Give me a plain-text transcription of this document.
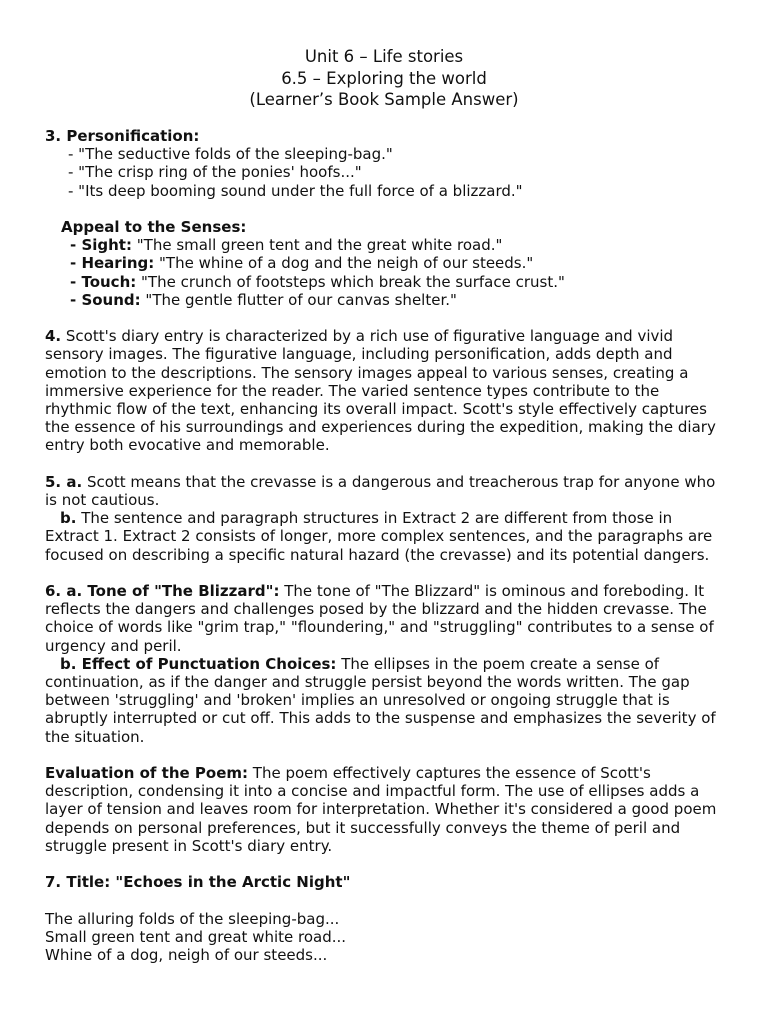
Unit 6 – Life stories
6.5 – Exploring the world
(Learner’s Book Sample Answer)
3. Personification:
- "The seductive folds of the sleeping-bag."
- "The crisp ring of the ponies' hoofs..."
- "Its deep booming sound under the full force of a blizzard."
Appeal to the Senses:
- Sight: "The small green tent and the great white road."
- Hearing: "The whine of a dog and the neigh of our steeds."
- Touch: "The crunch of footsteps which break the surface crust."
- Sound: "The gentle flutter of our canvas shelter."
4. Scott's diary entry is characterized by a rich use of figurative language and vivid
sensory images. The figurative language, including personification, adds depth and
emotion to the descriptions. The sensory images appeal to various senses, creating a
immersive experience for the reader. The varied sentence types contribute to the
rhythmic flow of the text, enhancing its overall impact. Scott's style effectively captures
the essence of his surroundings and experiences during the expedition, making the diary
entry both evocative and memorable.
5. a. Scott means that the crevasse is a dangerous and treacherous trap for anyone who
is not cautious.
b. The sentence and paragraph structures in Extract 2 are different from those in
Extract 1. Extract 2 consists of longer, more complex sentences, and the paragraphs are
focused on describing a specific natural hazard (the crevasse) and its potential dangers.
6. a. Tone of "The Blizzard": The tone of "The Blizzard" is ominous and foreboding. It
reflects the dangers and challenges posed by the blizzard and the hidden crevasse. The
choice of words like "grim trap," "floundering," and "struggling" contributes to a sense of
urgency and peril.
b. Effect of Punctuation Choices: The ellipses in the poem create a sense of
continuation, as if the danger and struggle persist beyond the words written. The gap
between 'struggling' and 'broken' implies an unresolved or ongoing struggle that is
abruptly interrupted or cut off. This adds to the suspense and emphasizes the severity of
the situation.
Evaluation of the Poem: The poem effectively captures the essence of Scott's
description, condensing it into a concise and impactful form. The use of ellipses adds a
layer of tension and leaves room for interpretation. Whether it's considered a good poem
depends on personal preferences, but it successfully conveys the theme of peril and
struggle present in Scott's diary entry.
7. Title: "Echoes in the Arctic Night"
The alluring folds of the sleeping-bag...
Small green tent and great white road...
Whine of a dog, neigh of our steeds...
